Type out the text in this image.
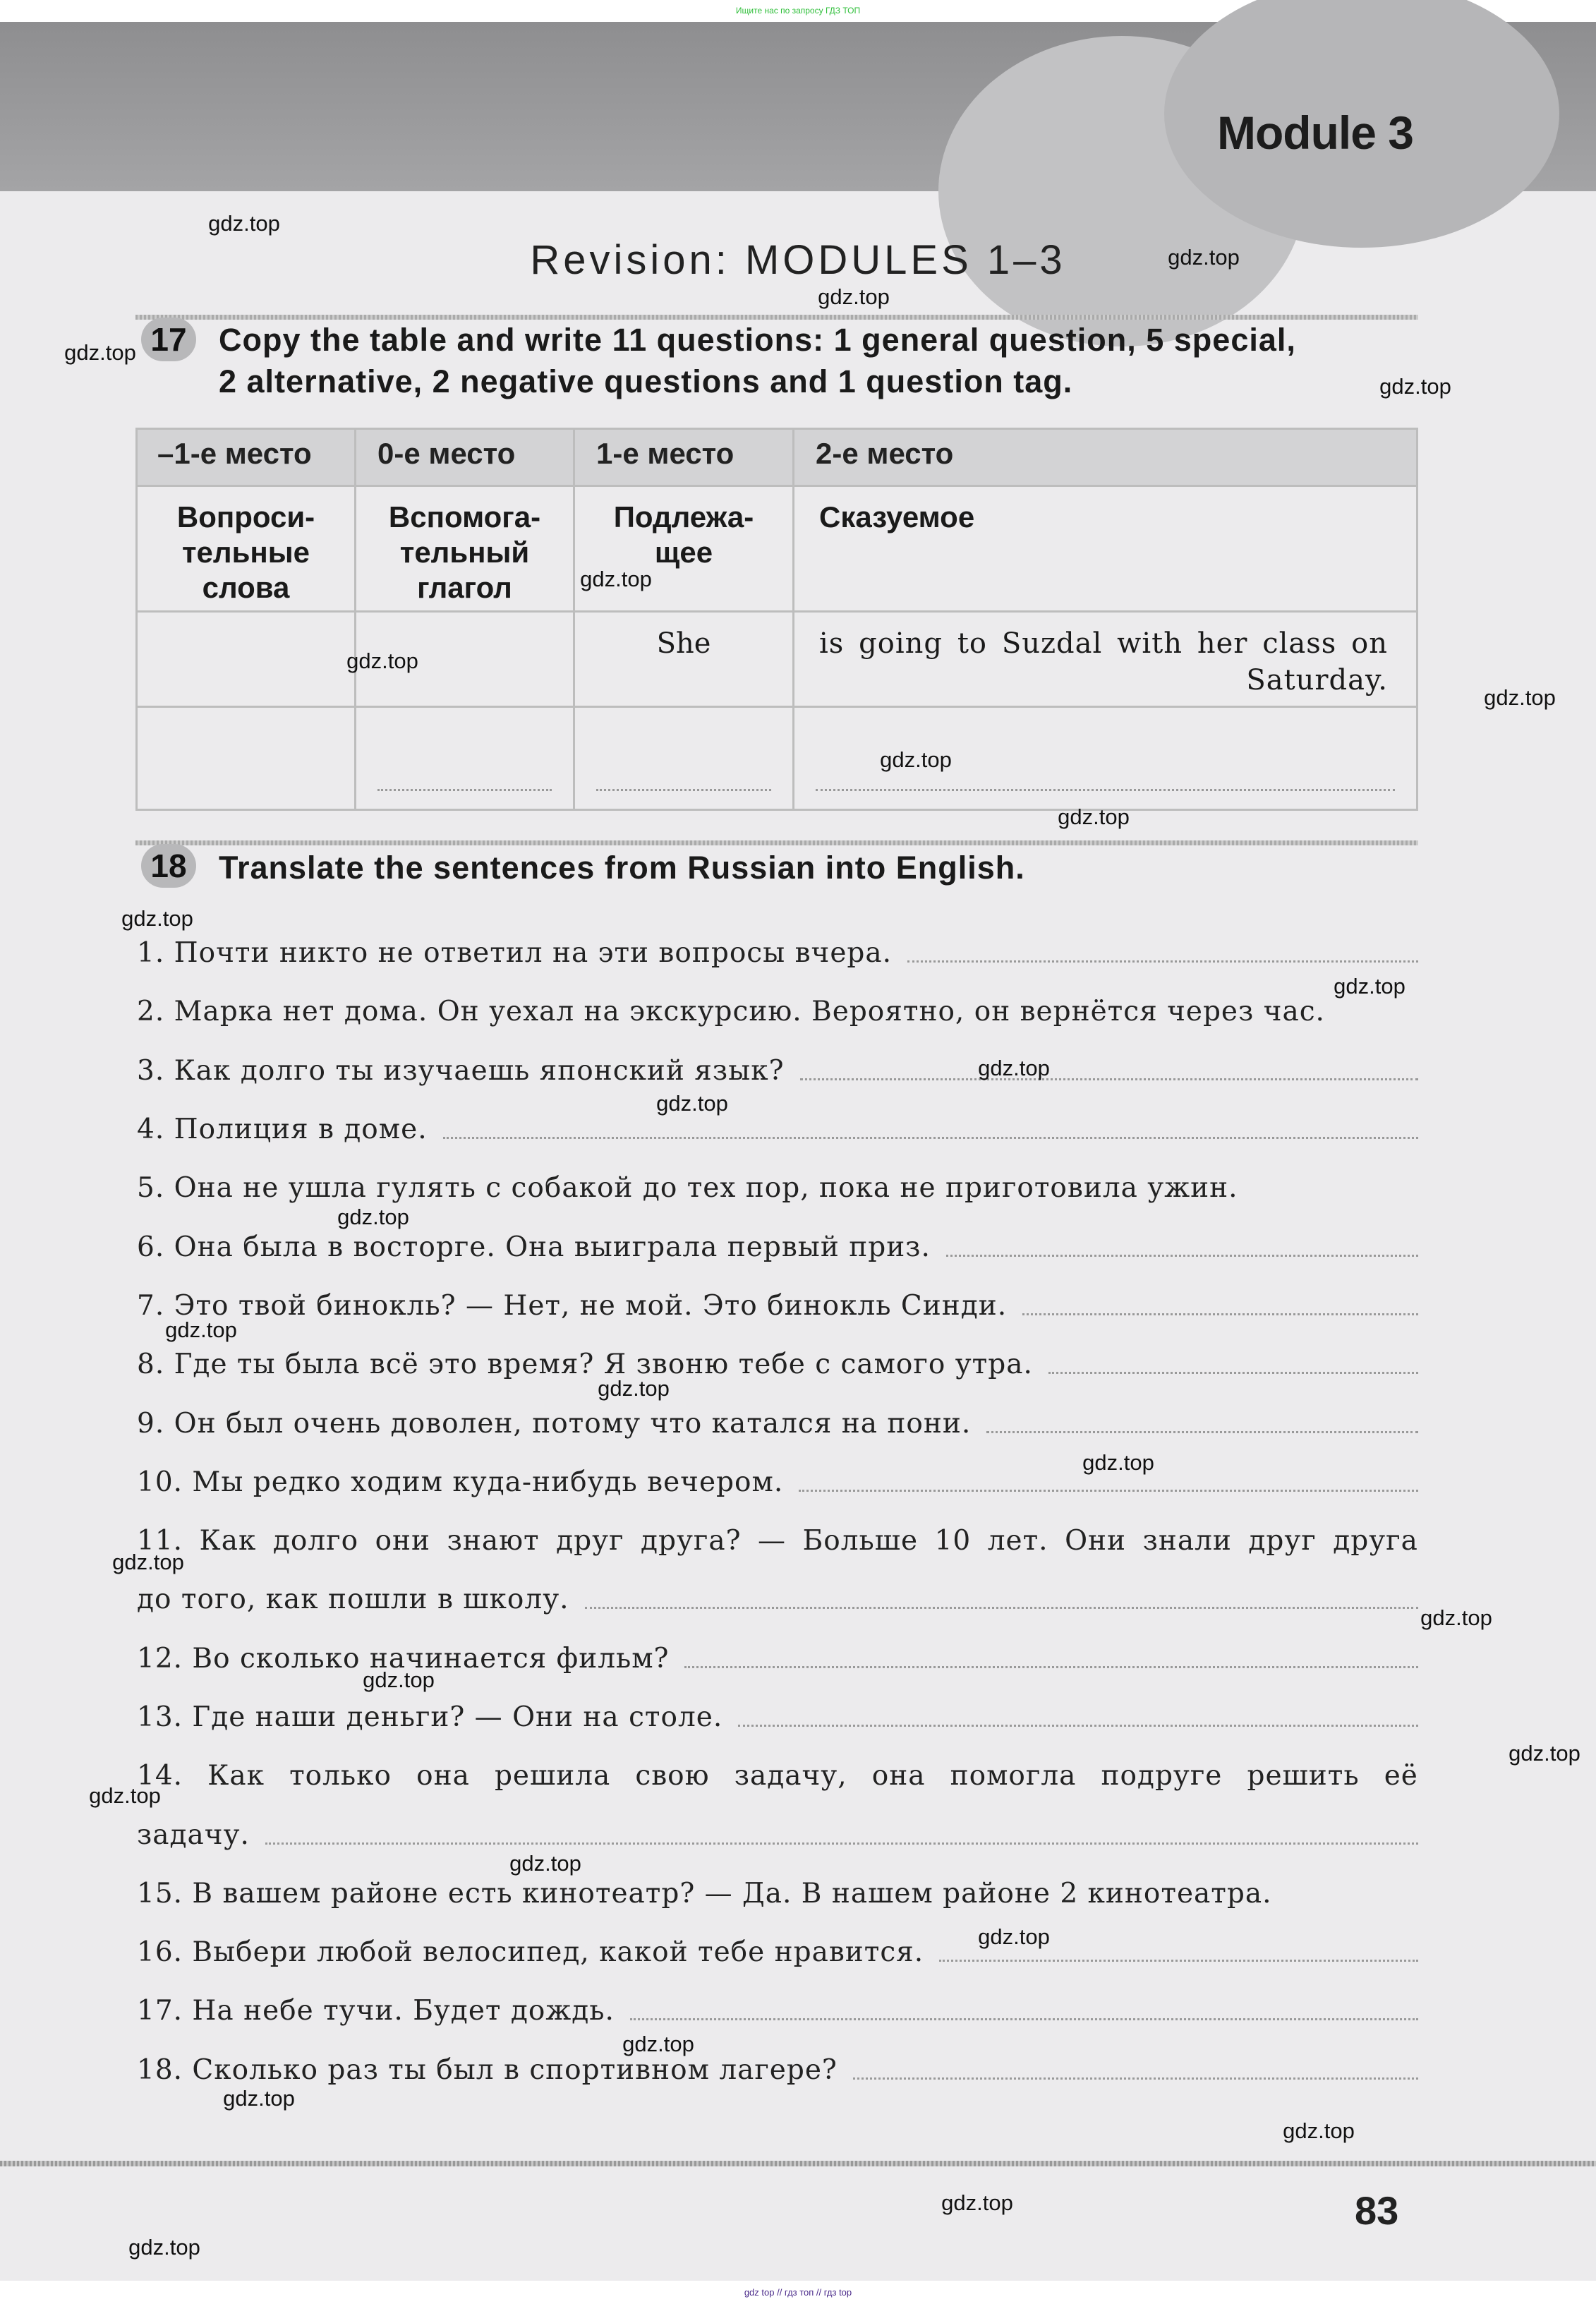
Ищите нас по запросу ГДЗ ТОП
Module 3
Revision: MODULES 1–3
17 Copy the table and write 11 questions: 1 general question, 5 special,
2 alternative, 2 negative questions and 1 question tag.
–1-е место	0-е место	1-е место	2-е место
Вопроси-
тельные
слова	Вспомога-
тельный
глагол	Подлежа-
щее	Сказуемое
		She	is going to Suzdal with her class on Saturday.

18 Translate the sentences from Russian into English.
1. Почти никто не ответил на эти вопросы вчера.
2. Марка нет дома. Он уехал на экскурсию. Вероятно, он вернётся через час.
3. Как долго ты изучаешь японский язык?
4. Полиция в доме.
5. Она не ушла гулять с собакой до тех пор, пока не приготовила ужин.
6. Она была в восторге. Она выиграла первый приз.
7. Это твой бинокль? — Нет, не мой. Это бинокль Синди.
8. Где ты была всё это время? Я звоню тебе с самого утра.
9. Он был очень доволен, потому что катался на пони.
10. Мы редко ходим куда-нибудь вечером.
11. Как долго они знают друг друга? — Больше 10 лет. Они знали друг друга
до того, как пошли в школу.
12. Во сколько начинается фильм?
13. Где наши деньги? — Они на столе.
14. Как только она решила свою задачу, она помогла подруге решить её
задачу.
15. В вашем районе есть кинотеатр? — Да. В нашем районе 2 кинотеатра.
16. Выбери любой велосипед, какой тебе нравится.
17. На небе тучи. Будет дождь.
18. Сколько раз ты был в спортивном лагере?
83
gdz top // гдз топ // гдз top
gdz.top
gdz.top
gdz.top
gdz.top
gdz.top
gdz.top
gdz.top
gdz.top
gdz.top
gdz.top
gdz.top
gdz.top
gdz.top
gdz.top
gdz.top
gdz.top
gdz.top
gdz.top
gdz.top
gdz.top
gdz.top
gdz.top
gdz.top
gdz.top
gdz.top
gdz.top
gdz.top
gdz.top
gdz.top
gdz.top
